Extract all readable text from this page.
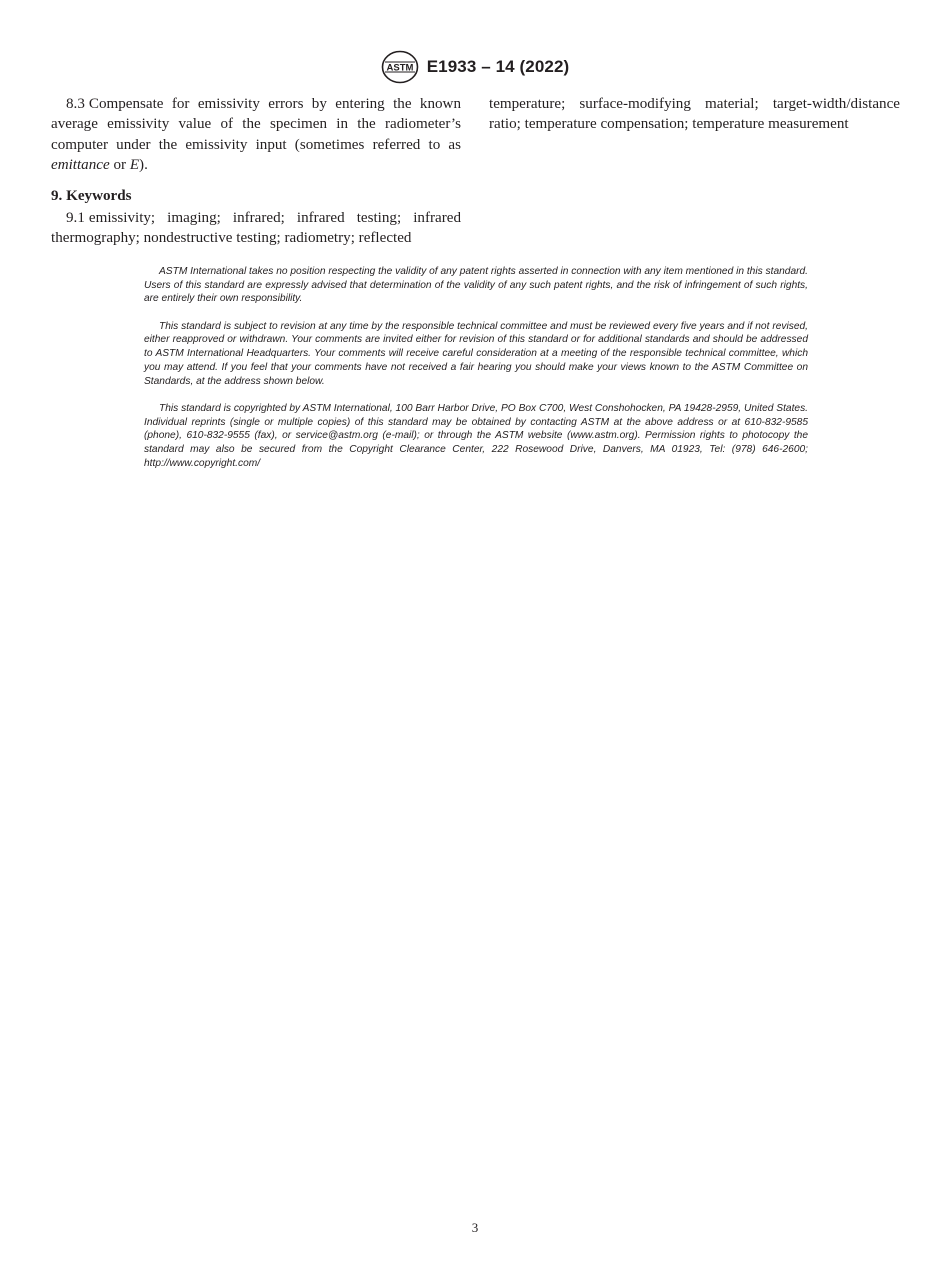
ASTM E1933 – 14 (2022)

8.3 Compensate for emissivity errors by entering the known average emissivity value of the specimen in the radiometer’s computer under the emissivity input (sometimes referred to as emittance or E).

9. Keywords

9.1 emissivity; imaging; infrared; infrared testing; infrared thermography; nondestructive testing; radiometry; reflected

temperature; surface-modifying material; target-width/distance ratio; temperature compensation; temperature measurement

ASTM International takes no position respecting the validity of any patent rights asserted in connection with any item mentioned in this standard. Users of this standard are expressly advised that determination of the validity of any such patent rights, and the risk of infringement of such rights, are entirely their own responsibility.

This standard is subject to revision at any time by the responsible technical committee and must be reviewed every five years and if not revised, either reapproved or withdrawn. Your comments are invited either for revision of this standard or for additional standards and should be addressed to ASTM International Headquarters. Your comments will receive careful consideration at a meeting of the responsible technical committee, which you may attend. If you feel that your comments have not received a fair hearing you should make your views known to the ASTM Committee on Standards, at the address shown below.

This standard is copyrighted by ASTM International, 100 Barr Harbor Drive, PO Box C700, West Conshohocken, PA 19428-2959, United States. Individual reprints (single or multiple copies) of this standard may be obtained by contacting ASTM at the above address or at 610-832-9585 (phone), 610-832-9555 (fax), or service@astm.org (e-mail); or through the ASTM website (www.astm.org). Permission rights to photocopy the standard may also be secured from the Copyright Clearance Center, 222 Rosewood Drive, Danvers, MA 01923, Tel: (978) 646-2600; http://www.copyright.com/

3
